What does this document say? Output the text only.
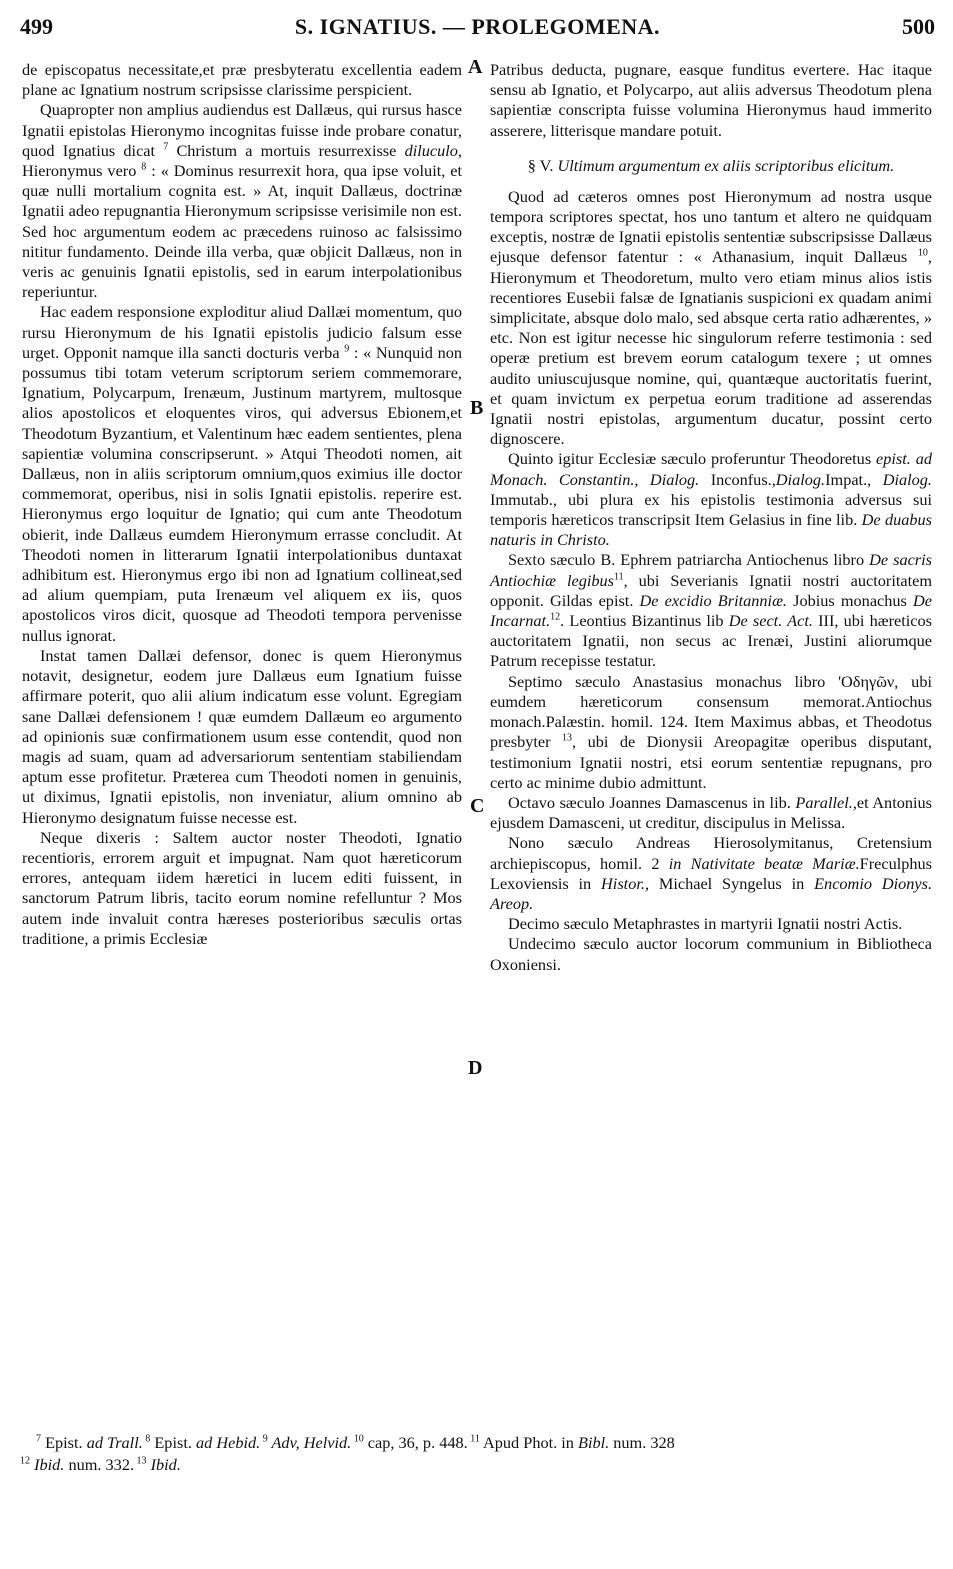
499	S. IGNATIUS. — PROLEGOMENA.	500
A
B
C
D

de episcopatus necessitate,et præ presbyteratu excellentia eadem plane ac Ignatium nostrum scripsisse clarissime perspicient.

Quapropter non amplius audiendus est Dallæus, qui rursus hasce Ignatii epistolas Hieronymo incognitas fuisse inde probare conatur, quod Ignatius dicat $^7$ Christum a mortuis resurrexisse diluculo, Hieronymus vero $^8$ : « Dominus resurrexit hora, qua ipse voluit, et quæ nulli mortalium cognita est. » At, inquit Dallæus, doctrinæ Ignatii adeo repugnantia Hieronymum scripsisse verisimile non est. Sed hoc argumentum eodem ac præcedens ruinoso ac falsissimo nititur fundamento. Deinde illa verba, quæ objicit Dallæus, non in veris ac genuinis Ignatii epistolis, sed in earum interpolationibus reperiuntur.

Hac eadem responsione exploditur aliud Dallæi momentum, quo rursu Hieronymum de his Ignatii epistolis judicio falsum esse urget. Opponit namque illa sancti docturis verba $^9$ : « Nunquid non possumus tibi totam veterum scriptorum seriem commemorare, Ignatium, Polycarpum, Irenæum, Justinum martyrem, multosque alios apostolicos et eloquentes viros, qui adversus Ebionem,et Theodotum Byzantium, et Valentinum hæc eadem sentientes, plena sapientiæ volumina conscripserunt. » Atqui Theodoti nomen, ait Dallæus, non in aliis scriptorum omnium,quos eximius ille doctor commemorat, operibus, nisi in solis Ignatii epistolis. reperire est. Hieronymus ergo loquitur de Ignatio; qui cum ante Theodotum obierit, inde Dallæus eumdem Hieronymum errasse concludit. At Theodoti nomen in litterarum Ignatii interpolationibus duntaxat adhibitum est. Hieronymus ergo ibi non ad Ignatium collineat,sed ad alium quempiam, puta Irenæum vel aliquem ex iis, quos apostolicos viros dicit, quosque ad Theodoti tempora pervenisse nullus ignorat.

Instat tamen Dallæi defensor, donec is quem Hieronymus notavit, designetur, eodem jure Dallæus eum Ignatium fuisse affirmare poterit, quo alii alium indicatum esse volunt. Egregiam sane Dallæi defensionem ! quæ eumdem Dallæum eo argumento ad opinionis suæ confirmationem usum esse contendit, quod non magis ad suam, quam ad adversariorum sententiam stabiliendam aptum esse profitetur. Præterea cum Theodoti nomen in genuinis, ut diximus, Ignatii epistolis, non inveniatur, alium omnino ab Hieronymo designatum fuisse necesse est.

Neque dixeris : Saltem auctor noster Theodoti, Ignatio recentioris, errorem arguit et impugnat. Nam quot hæreticorum errores, antequam iidem hæretici in lucem editi fuissent, in sanctorum Patrum libris, tacito eorum nomine refelluntur ? Mos autem inde invaluit contra hæreses posterioribus sæculis ortas traditione, a primis Ecclesiæ

Patribus deducta, pugnare, easque funditus evertere. Hac itaque sensu ab Ignatio, et Polycarpo, aut aliis adversus Theodotum plena sapientiæ conscripta fuisse volumina Hieronymus haud immerito asserere, litterisque mandare potuit.

§ V. Ultimum argumentum ex aliis scriptoribus elicitum.

Quod ad cæteros omnes post Hieronymum ad nostra usque tempora scriptores spectat, hos uno tantum et altero ne quidquam exceptis, nostræ de Ignatii epistolis sententiæ subscripsisse Dallæus ejusque defensor fatentur : « Athanasium, inquit Dallæus $^{10}$, Hieronymum et Theodoretum, multo vero etiam minus alios istis recentiores Eusebii falsæ de Ignatianis suspicioni ex quadam animi simplicitate, absque dolo malo, sed absque certa ratio adhærentes, » etc. Non est igitur necesse hic singulorum referre testimonia : sed operæ pretium est brevem eorum catalogum texere ; ut omnes audito uniuscujusque nomine, qui, quantæque auctoritatis fuerint, et quam invictum ex perpetua eorum traditione ad asserendas Ignatii nostri epistolas, argumentum ducatur, possint certo dignoscere.

Quinto igitur Ecclesiæ sæculo proferuntur Theodoretus epist. ad Monach. Constantin., Dialog. Inconfus.,Dialog.Impat., Dialog. Immutab., ubi plura ex his epistolis testimonia adversus sui temporis hæreticos transcripsit Item Gelasius in fine lib. De duabus naturis in Christo.

Sexto sæculo B. Ephrem patriarcha Antiochenus libro De sacris Antiochiæ legibus$^{11}$, ubi Severianis Ignatii nostri auctoritatem opponit. Gildas epist. De excidio Britanniæ. Jobius monachus De Incarnat.$^{12}$. Leontius Bizantinus lib De sect. Act. III, ubi hæreticos auctoritatem Ignatii, non secus ac Irenæi, Justini aliorumque Patrum recepisse testatur.

Septimo sæculo Anastasius monachus libro 'Οδηγῶν, ubi eumdem hæreticorum consensum memorat.Antiochus monach.Palæstin. homil. 124. Item Maximus abbas, et Theodotus presbyter $^{13}$, ubi de Dionysii Areopagitæ operibus disputant, testimonium Ignatii nostri, etsi eorum sententiæ repugnans, pro certo ac minime dubio admittunt.

Octavo sæculo Joannes Damascenus in lib. Parallel.,et Antonius ejusdem Damasceni, ut creditur, discipulus in Melissa.

Nono sæculo Andreas Hierosolymitanus, Cretensium archiepiscopus, homil. 2 in Nativitate beatæ Mariæ.Freculphus Lexoviensis in Histor., Michael Syngelus in Encomio Dionys. Areop.

Decimo sæculo Metaphrastes in martyrii Ignatii nostri Actis.

Undecimo sæculo auctor locorum communium in Bibliotheca Oxoniensi.

$^7$ Epist. ad Trall. $^8$ Epist. ad Hebid. $^9$ Adv, Helvid. $^{10}$ cap, 36, p. 448. $^{11}$ Apud Phot. in Bibl. num. 328
$^{12}$ Ibid. num. 332. $^{13}$ Ibid.
